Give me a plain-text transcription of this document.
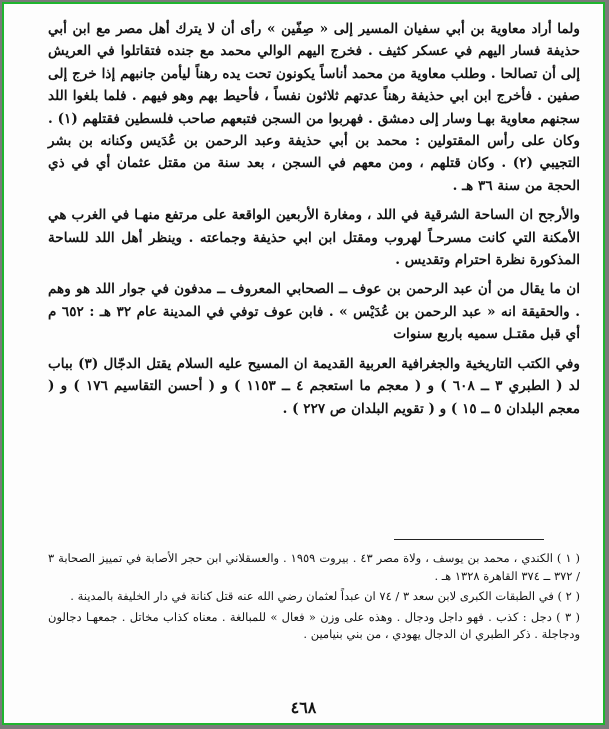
ولما أراد معاوية بن أبي سفيان المسير إلى « صِفّين » رأى أن لا يترك أهل مصر مع ابن أبي حذيفة فسار اليهم في عسكر كثيف . فخرج اليهم الوالي محمد مع جنده فتقاتلوا في العريش إلى أن تصالحا . وطلب معاوية من محمد أناساً يكونون تحت يده رهناً ليأمن جانبهم إذا خرج إلى صفين . فأخرج ابن ابي حذيفة رهناً عدتهم ثلاثون نفساً ، فأحيط بهم وهو فيهم . فلما بلغوا اللد سجنهم معاوية بهـا وسار إلى دمشق . فهربوا من السجن فتبعهم صاحب فلسطين فقتلهم (١) . وكان على رأس المقتولين : محمد بن أبي حذيفة وعبد الرحمن بن عُدَيس وكنانه بن بشر التجيبي (٢) . وكان قتلهم ، ومن معهم في السجن ، بعد سنة من مقتل عثمان أي في ذي الحجة من سنة ٣٦ هـ .

والأرجح ان الساحة الشرقية في اللد ، ومغارة الأربعين الواقعة على مرتفع منهـا في الغرب هي الأمكنة التي كانت مسرحـاً لهروب ومقتل ابن ابي حذيفة وجماعته . وينظر أهل اللد للساحة المذكورة نظرة احترام وتقديس .

ان ما يقال من أن عبد الرحمن بن عوف ــ الصحابي المعروف ــ مدفون في جوار اللد هو وهم . والحقيقة انه « عبد الرحمن بن عُدَيْس » . فابن عوف توفي في المدينة عام ٣٢ هـ : ٦٥٢ م أي قبل مقتـل سميه باربع سنوات

وفي الكتب التاريخية والجغرافية العربية القديمة ان المسيح عليه السلام يقتل الدجّال (٣) بباب لد ( الطبري ٣ ــ ٦٠٨ ) و ( معجم ما استعجم ٤ ــ ١١٥٣ ) و ( أحسن التقاسيم ١٧٦ ) و ( معجم البلدان ٥ ــ ١٥ ) و ( تقويم البلدان ص ٢٢٧ ) .

( ١ ) الكندي ، محمد بن يوسف ، ولاة مصر ٤٣ . بيروت ١٩٥٩ . والعسقلاني ابن حجر الأصابة في تمييز الصحابة ٣ / ٣٧٢ ــ ٣٧٤ القاهرة ١٣٢٨ هـ .

( ٢ ) في الطبقات الكبرى لابن سعد ٣ / ٧٤ ان عبداً لعثمان رضي الله عنه قتل كنانة في دار الخليفة بالمدينة .

( ٣ ) دجل : كذب . فهو داجل ودجال . وهذه على وزن « فعال » للمبالغة . معناه كذاب مخاتل . جمعهـا دجالون ودجاجلة . ذكر الطبري ان الدجال يهودي ، من بني بنيامين .

٤٦٨
